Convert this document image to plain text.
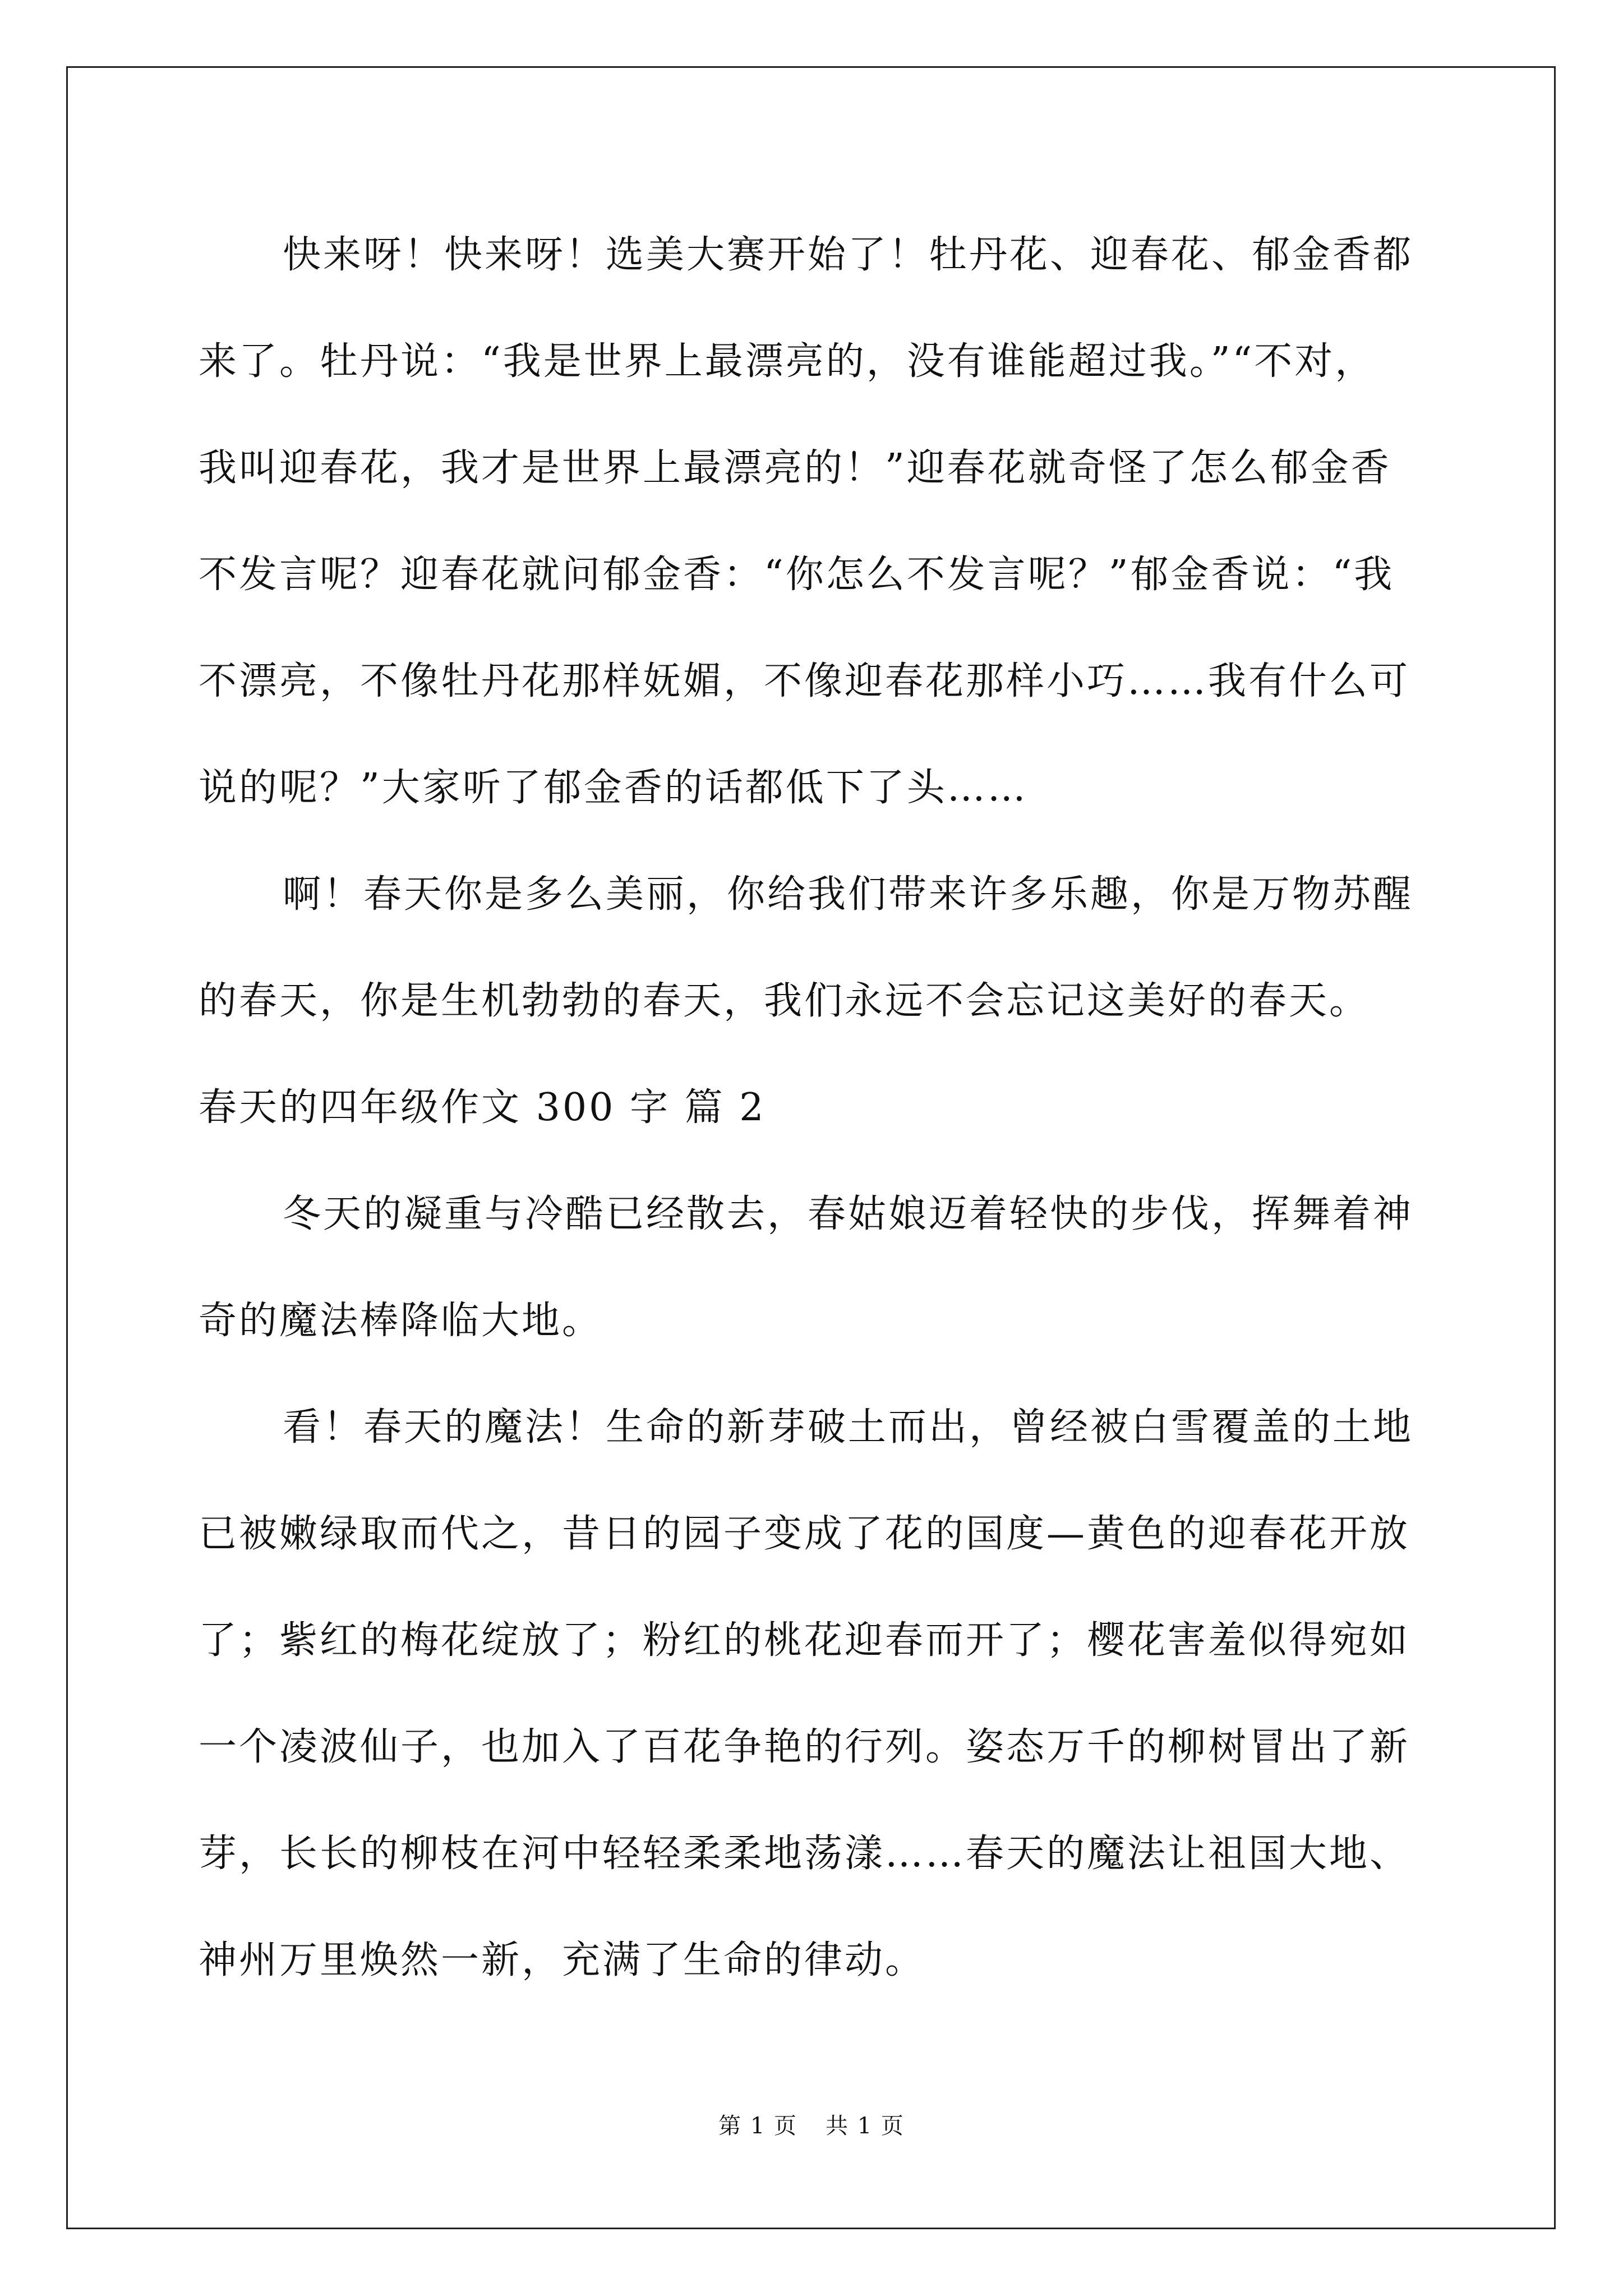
快来呀！快来呀！选美大赛开始了！牡丹花、迎春花、郁金香都
来了。牡丹说：“我是世界上最漂亮的，没有谁能超过我。”“不对，
我叫迎春花，我才是世界上最漂亮的！”迎春花就奇怪了怎么郁金香
不发言呢？迎春花就问郁金香：“你怎么不发言呢？”郁金香说：“我
不漂亮，不像牡丹花那样妩媚，不像迎春花那样小巧……我有什么可
说的呢？”大家听了郁金香的话都低下了头……
啊！春天你是多么美丽，你给我们带来许多乐趣，你是万物苏醒
的春天，你是生机勃勃的春天，我们永远不会忘记这美好的春天。
春天的四年级作文 300 字 篇 2
冬天的凝重与冷酷已经散去，春姑娘迈着轻快的步伐，挥舞着神
奇的魔法棒降临大地。
看！春天的魔法！生命的新芽破土而出，曾经被白雪覆盖的土地
已被嫩绿取而代之，昔日的园子变成了花的国度—黄色的迎春花开放
了；紫红的梅花绽放了；粉红的桃花迎春而开了；樱花害羞似得宛如
一个凌波仙子，也加入了百花争艳的行列。姿态万千的柳树冒出了新
芽，长长的柳枝在河中轻轻柔柔地荡漾……春天的魔法让祖国大地、
神州万里焕然一新，充满了生命的律动。
第 1 页 共 1 页
